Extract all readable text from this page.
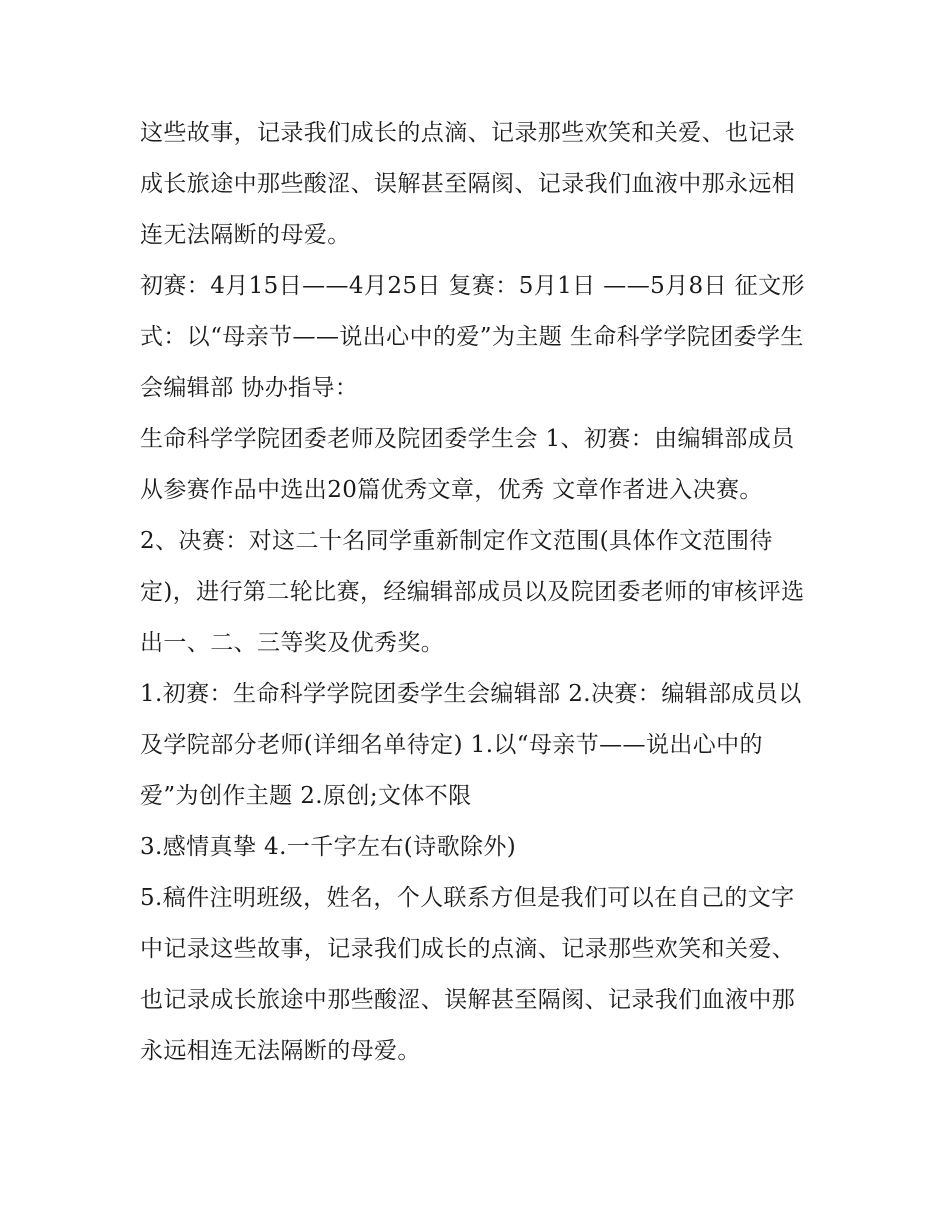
这些故事，记录我们成长的点滴、记录那些欢笑和关爱、也记录成长旅途中那些酸涩、误解甚至隔阂、记录我们血液中那永远相连无法隔断的母爱。

初赛：4月15日——4月25日 复赛：5月1日 ——5月8日 征文形式：以“母亲节——说出心中的爱”为主题 生命科学学院团委学生会编辑部 协办指导：

生命科学学院团委老师及院团委学生会 1、初赛：由编辑部成员从参赛作品中选出20篇优秀文章，优秀 文章作者进入决赛。

2、决赛：对这二十名同学重新制定作文范围(具体作文范围待定)，进行第二轮比赛，经编辑部成员以及院团委老师的审核评选出一、二、三等奖及优秀奖。

1.初赛：生命科学学院团委学生会编辑部 2.决赛：编辑部成员以及学院部分老师(详细名单待定) 1.以“母亲节——说出心中的爱”为创作主题 2.原创;文体不限

3.感情真挚 4.一千字左右(诗歌除外)

5.稿件注明班级，姓名，个人联系方但是我们可以在自己的文字中记录这些故事，记录我们成长的点滴、记录那些欢笑和关爱、也记录成长旅途中那些酸涩、误解甚至隔阂、记录我们血液中那永远相连无法隔断的母爱。
